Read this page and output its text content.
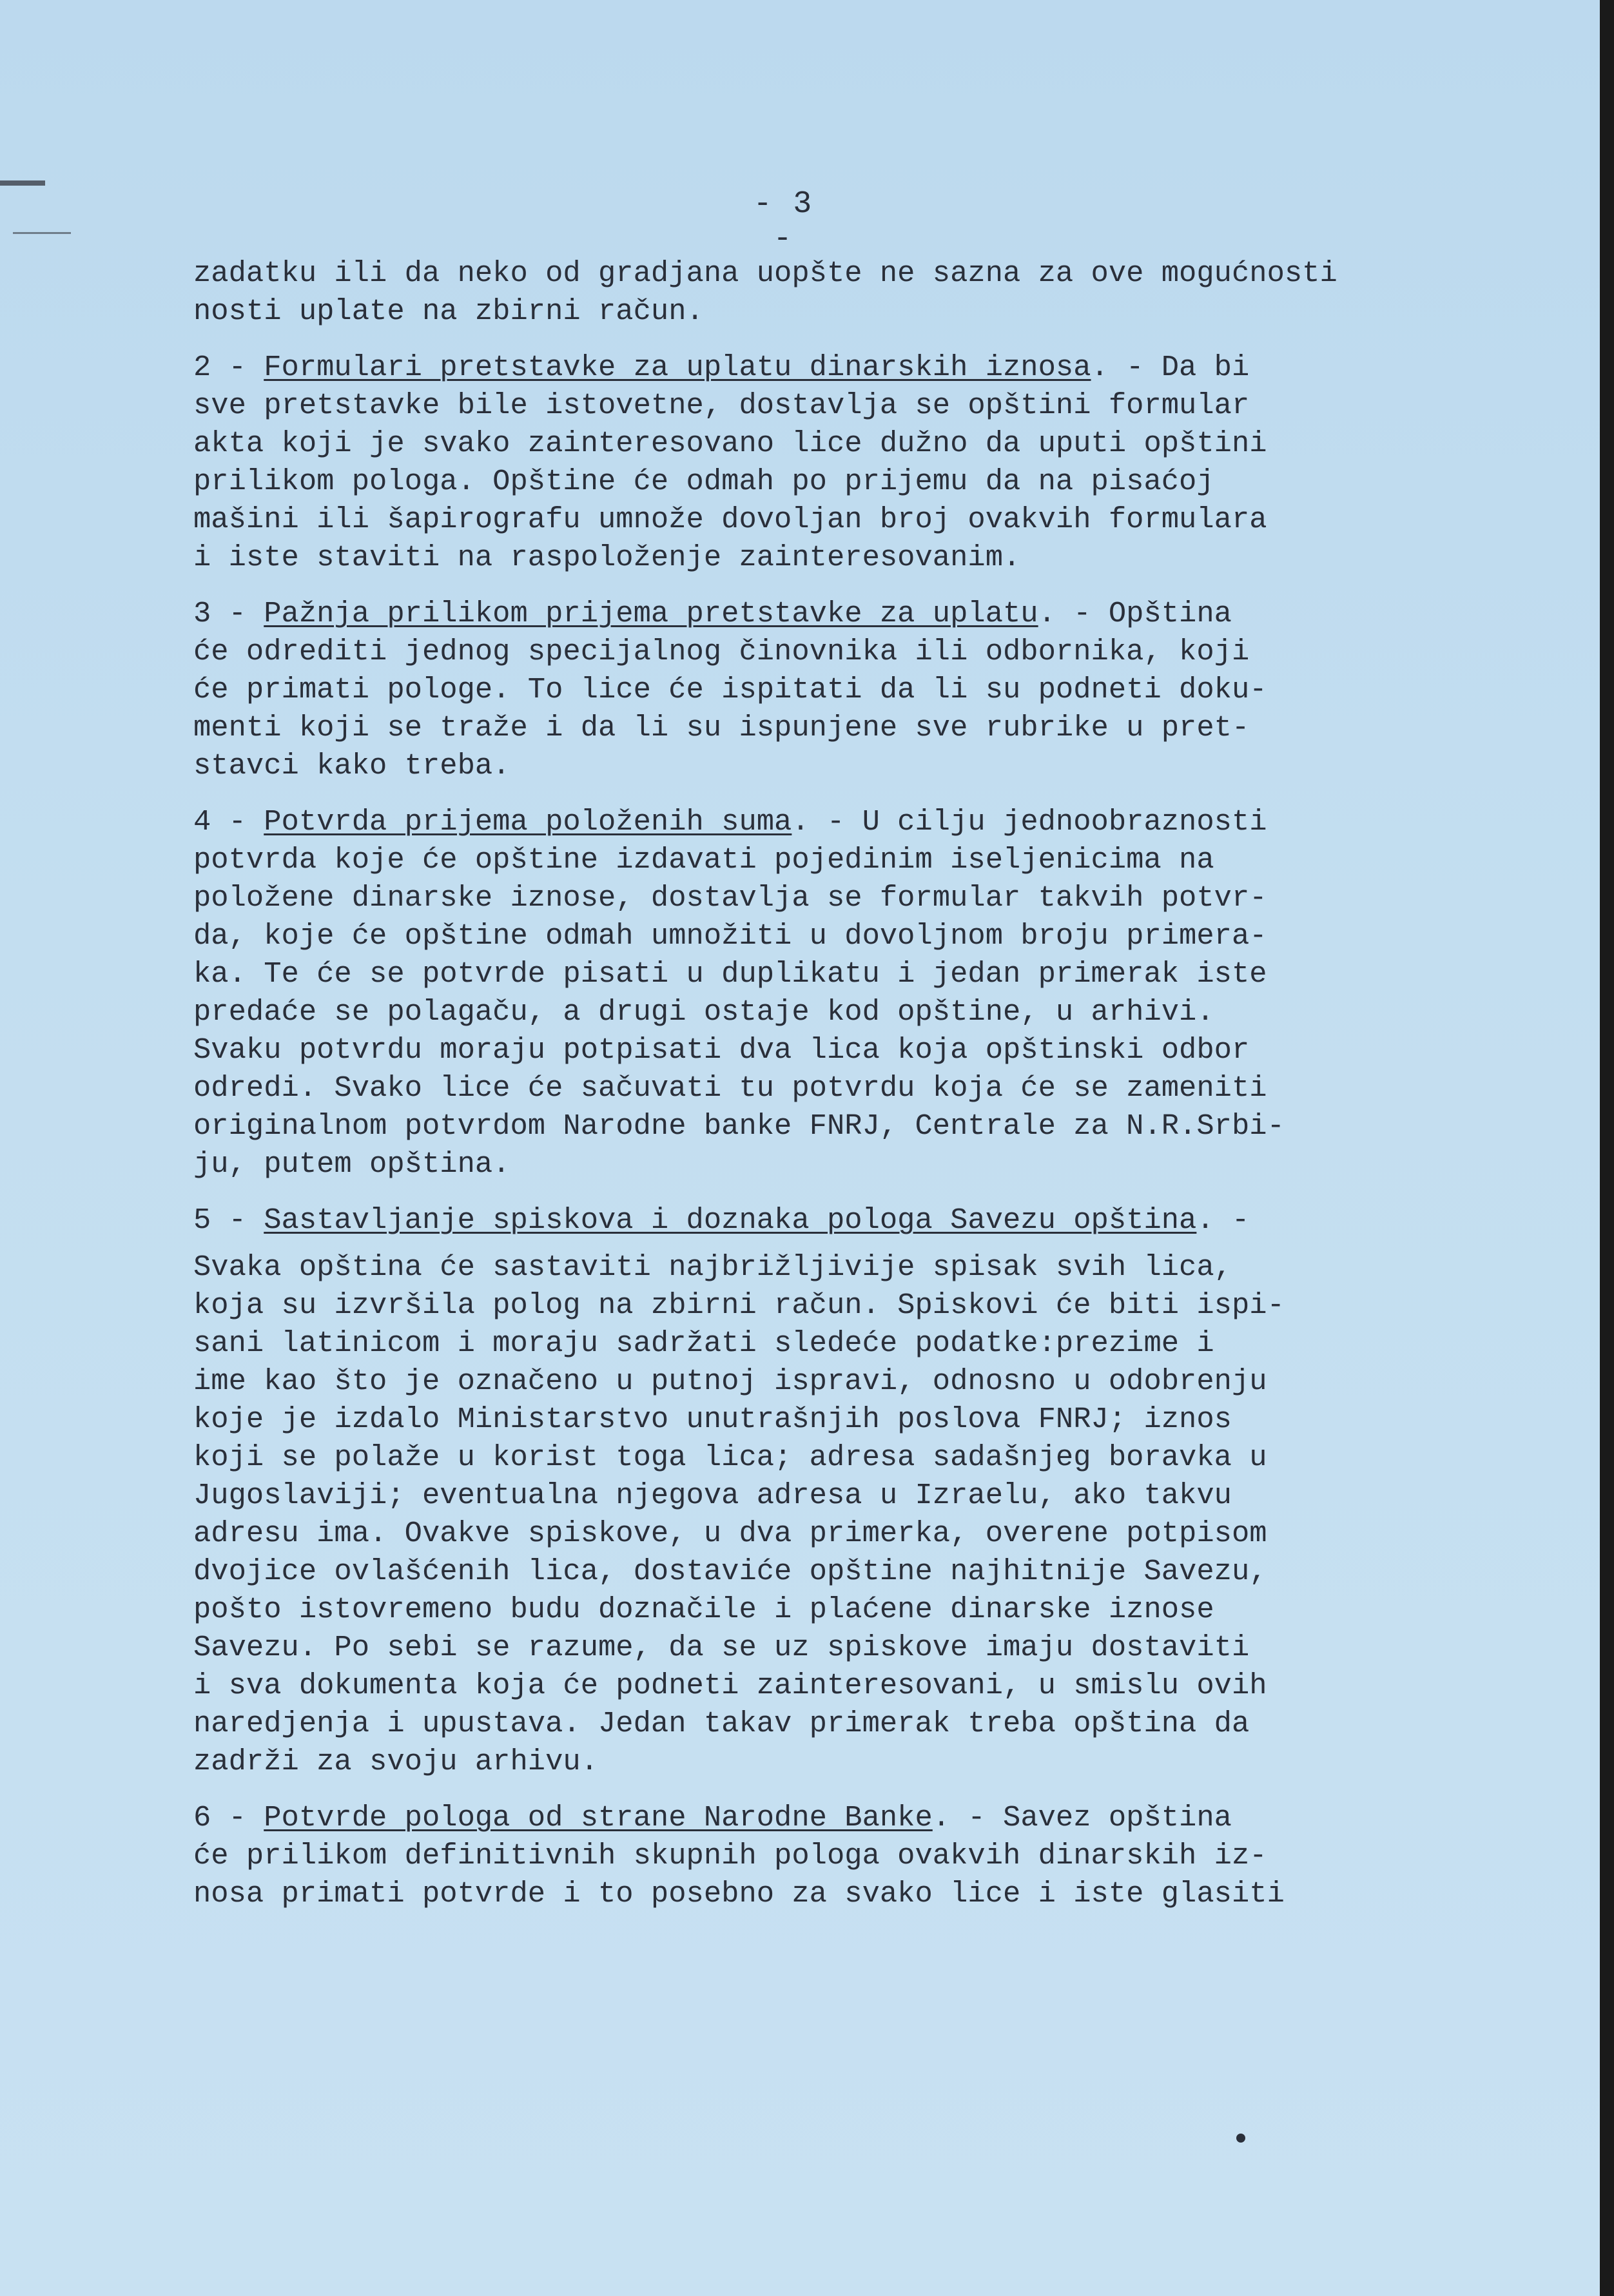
- 3 -
zadatku ili da neko od gradjana uopšte ne sazna za ove mogućnosti
nosti uplate na zbirni račun.
2 - Formulari pretstavke za uplatu dinarskih iznosa. - Da bi
sve pretstavke bile istovetne, dostavlja se opštini formular
akta koji je svako zainteresovano lice dužno da uputi opštini
prilikom pologa. Opštine će odmah po prijemu da na pisaćoj
mašini ili šapirografu umnože dovoljan broj ovakvih formulara
i iste staviti na raspoloženje zainteresovanim.
3 - Pažnja prilikom prijema pretstavke za uplatu. - Opština
će odrediti jednog specijalnog činovnika ili odbornika, koji
će primati pologe. To lice će ispitati da li su podneti doku-
menti koji se traže i da li su ispunjene sve rubrike u pret-
stavci kako treba.
4 - Potvrda prijema položenih suma. - U cilju jednoobraznosti
potvrda koje će opštine izdavati pojedinim iseljenicima na
položene dinarske iznose, dostavlja se formular takvih potvr-
da, koje će opštine odmah umnožiti u dovoljnom broju primera-
ka. Te će se potvrde pisati u duplikatu i jedan primerak iste
predaće se polagaču, a drugi ostaje kod opštine, u arhivi.
Svaku potvrdu moraju potpisati dva lica koja opštinski odbor
odredi. Svako lice će sačuvati tu potvrdu koja će se zameniti
originalnom potvrdom Narodne banke FNRJ, Centrale za N.R.Srbi-
ju, putem opština.
5 - Sastavljanje spiskova i doznaka pologa Savezu opština. -
Svaka opština će sastaviti najbrižljivije spisak svih lica,
koja su izvršila polog na zbirni račun. Spiskovi će biti ispi-
sani latinicom i moraju sadržati sledeće podatke:prezime i
ime kao što je označeno u putnoj ispravi, odnosno u odobrenju
koje je izdalo Ministarstvo unutrašnjih poslova FNRJ; iznos
koji se polaže u korist toga lica; adresa sadašnjeg boravka u
Jugoslaviji; eventualna njegova adresa u Izraelu, ako takvu
adresu ima. Ovakve spiskove, u dva primerka, overene potpisom
dvojice ovlašćenih lica, dostaviće opštine najhitnije Savezu,
pošto istovremeno budu doznačile i plaćene dinarske iznose
Savezu. Po sebi se razume, da se uz spiskove imaju dostaviti
i sva dokumenta koja će podneti zainteresovani, u smislu ovih
naredjenja i upustava. Jedan takav primerak treba opština da
zadrži za svoju arhivu.
6 - Potvrde pologa od strane Narodne Banke. - Savez opština
će prilikom definitivnih skupnih pologa ovakvih dinarskih iz-
nosa primati potvrde i to posebno za svako lice i iste glasiti
